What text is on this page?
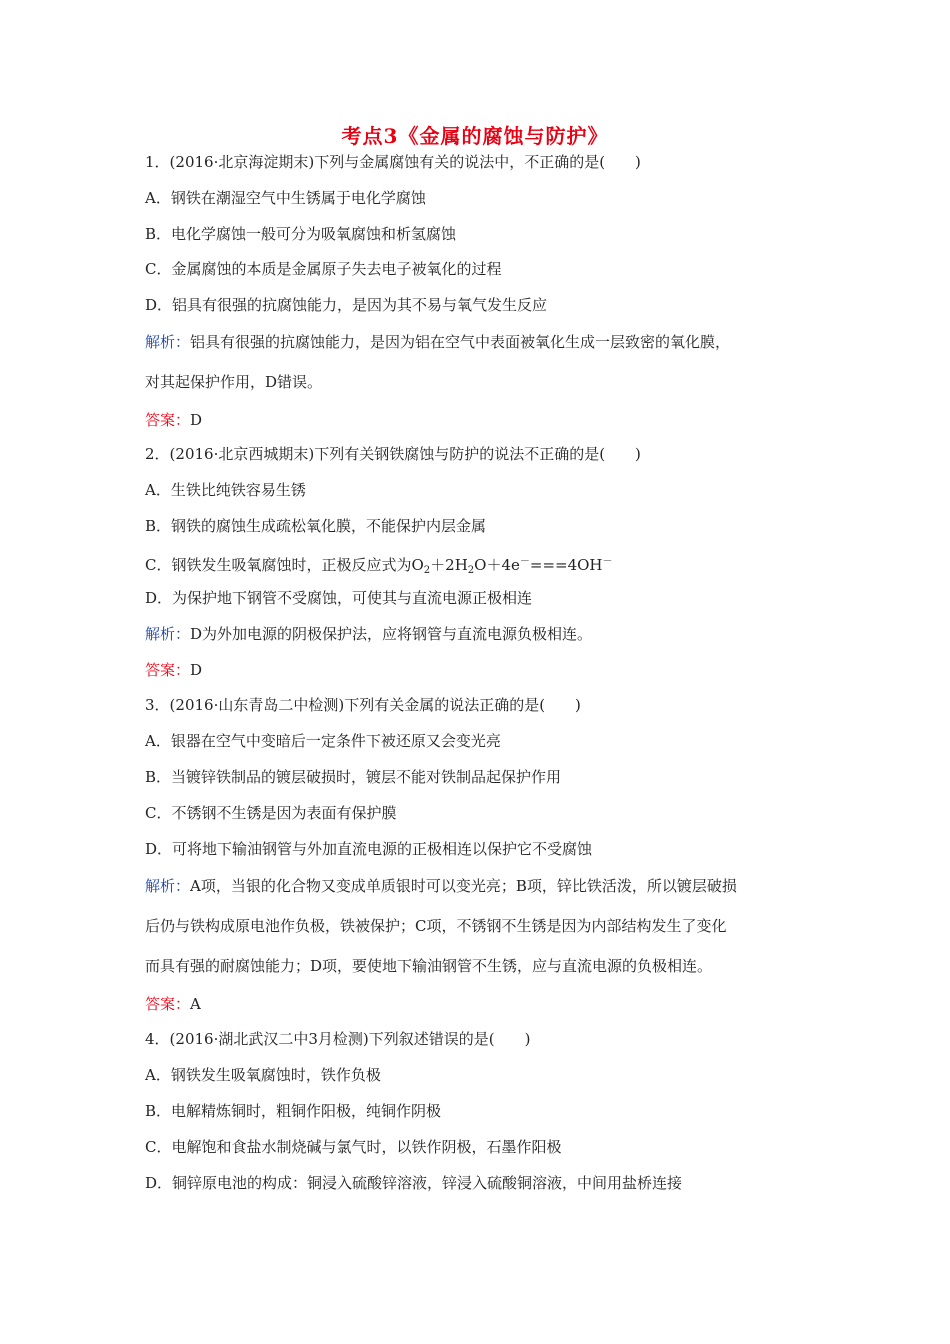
考点3《金属的腐蚀与防护》
1．(2016·北京海淀期末)下列与金属腐蚀有关的说法中，不正确的是(　　)
A．钢铁在潮湿空气中生锈属于电化学腐蚀
B．电化学腐蚀一般可分为吸氧腐蚀和析氢腐蚀
C．金属腐蚀的本质是金属原子失去电子被氧化的过程
D．铝具有很强的抗腐蚀能力，是因为其不易与氧气发生反应
解析：铝具有很强的抗腐蚀能力，是因为铝在空气中表面被氧化生成一层致密的氧化膜，
对其起保护作用，D错误。
答案：D
2．(2016·北京西城期末)下列有关钢铁腐蚀与防护的说法不正确的是(　　)
A．生铁比纯铁容易生锈
B．钢铁的腐蚀生成疏松氧化膜，不能保护内层金属
C．钢铁发生吸氧腐蚀时，正极反应式为$O_2+2H_2O+4e^-===4OH^-$
D．为保护地下钢管不受腐蚀，可使其与直流电源正极相连
解析：D为外加电源的阴极保护法，应将钢管与直流电源负极相连。
答案：D
3．(2016·山东青岛二中检测)下列有关金属的说法正确的是(　　)
A．银器在空气中变暗后一定条件下被还原又会变光亮
B．当镀锌铁制品的镀层破损时，镀层不能对铁制品起保护作用
C．不锈钢不生锈是因为表面有保护膜
D．可将地下输油钢管与外加直流电源的正极相连以保护它不受腐蚀
解析：A项，当银的化合物又变成单质银时可以变光亮；B项，锌比铁活泼，所以镀层破损
后仍与铁构成原电池作负极，铁被保护；C项，不锈钢不生锈是因为内部结构发生了变化
而具有强的耐腐蚀能力；D项，要使地下输油钢管不生锈，应与直流电源的负极相连。
答案：A
4．(2016·湖北武汉二中3月检测)下列叙述错误的是(　　)
A．钢铁发生吸氧腐蚀时，铁作负极
B．电解精炼铜时，粗铜作阳极，纯铜作阴极
C．电解饱和食盐水制烧碱与氯气时，以铁作阴极，石墨作阳极
D．铜锌原电池的构成：铜浸入硫酸锌溶液，锌浸入硫酸铜溶液，中间用盐桥连接
